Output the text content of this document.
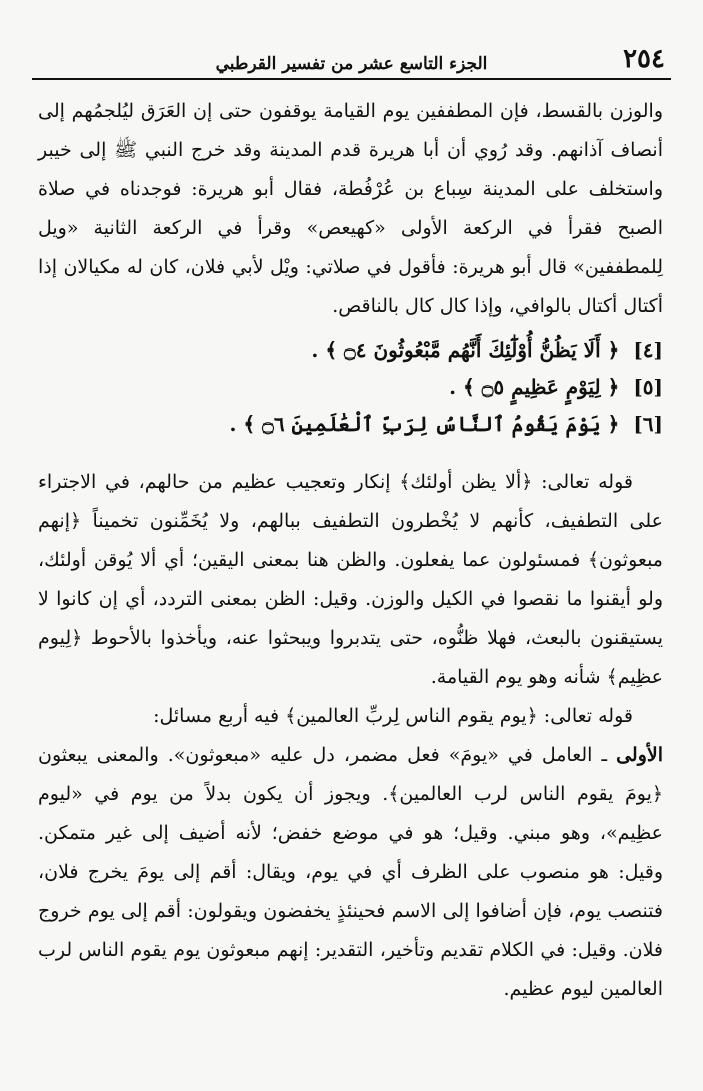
٢٥٤
الجزء التاسع عشر من تفسير القرطبي

والوزن بالقسط، فإن المطففين يوم القيامة يوقفون حتى إن العَرَق ليُلجمُهم إلى أنصاف آذانهم. وقد رُوي أن أبا هريرة قدم المدينة وقد خرج النبي ﷺ إلى خيبر واستخلف على المدينة سِباع بن عُرْفُطة، فقال أبو هريرة: فوجدناه في صلاة الصبح فقرأ في الركعة الأولى «كهيعص» وقرأ في الركعة الثانية «ويل لِلمطففين» قال أبو هريرة: فأقول في صلاتي: ويْل لأبي فلان، كان له مكيالان إذا أكتال أكتال بالوافي، وإذا كال كال بالناقص.

[٤]
﴿ أَلَا يَظُنُّ أُوْلَٰٓئِكَ أَنَّهُم مَّبْعُوثُونَ ۝٤ ﴾ .
[٥]
﴿ لِيَوْمٍ عَظِيمٍ ۝٥ ﴾ .
[٦]
﴿ يَوْمَ يَقُومُ ٱلنَّاسُ لِرَبِّ ٱلْعَٰلَمِينَ ۝٦ ﴾ .

قوله تعالى: ﴿ألا يظن أولئك﴾ إنكار وتعجيب عظيم من حالهم، في الاجتراء على التطفيف، كأنهم لا يُخْطرون التطفيف ببالهم، ولا يُخَمِّنون تخميناً ﴿إنهم مبعوثون﴾ فمسئولون عما يفعلون. والظن هنا بمعنى اليقين؛ أي ألا يُوقن أولئك، ولو أيقنوا ما نقصوا في الكيل والوزن. وقيل: الظن بمعنى التردد، أي إن كانوا لا يستيقنون بالبعث، فهلا ظنُّوه، حتى يتدبروا ويبحثوا عنه، ويأخذوا بالأحوط ﴿لِيوم عظِيم﴾ شأنه وهو يوم القيامة.

قوله تعالى: ﴿يوم يقوم الناس لِربِّ العالمين﴾ فيه أربع مسائل:

الأولى ـ العامل في «يومَ» فعل مضمر، دل عليه «مبعوثون». والمعنى يبعثون ﴿يومَ يقوم الناس لرب العالمين﴾. ويجوز أن يكون بدلاً من يوم في «ليوم عظِيم»، وهو مبني. وقيل؛ هو في موضع خفض؛ لأنه أضيف إلى غير متمكن. وقيل: هو منصوب على الظرف أي في يوم، ويقال: أقم إلى يومَ يخرج فلان، فتنصب يوم، فإن أضافوا إلى الاسم فحينئذٍ يخفضون ويقولون: أقم إلى يوم خروج فلان. وقيل: في الكلام تقديم وتأخير، التقدير: إنهم مبعوثون يوم يقوم الناس لرب العالمين ليوم عظيم.
